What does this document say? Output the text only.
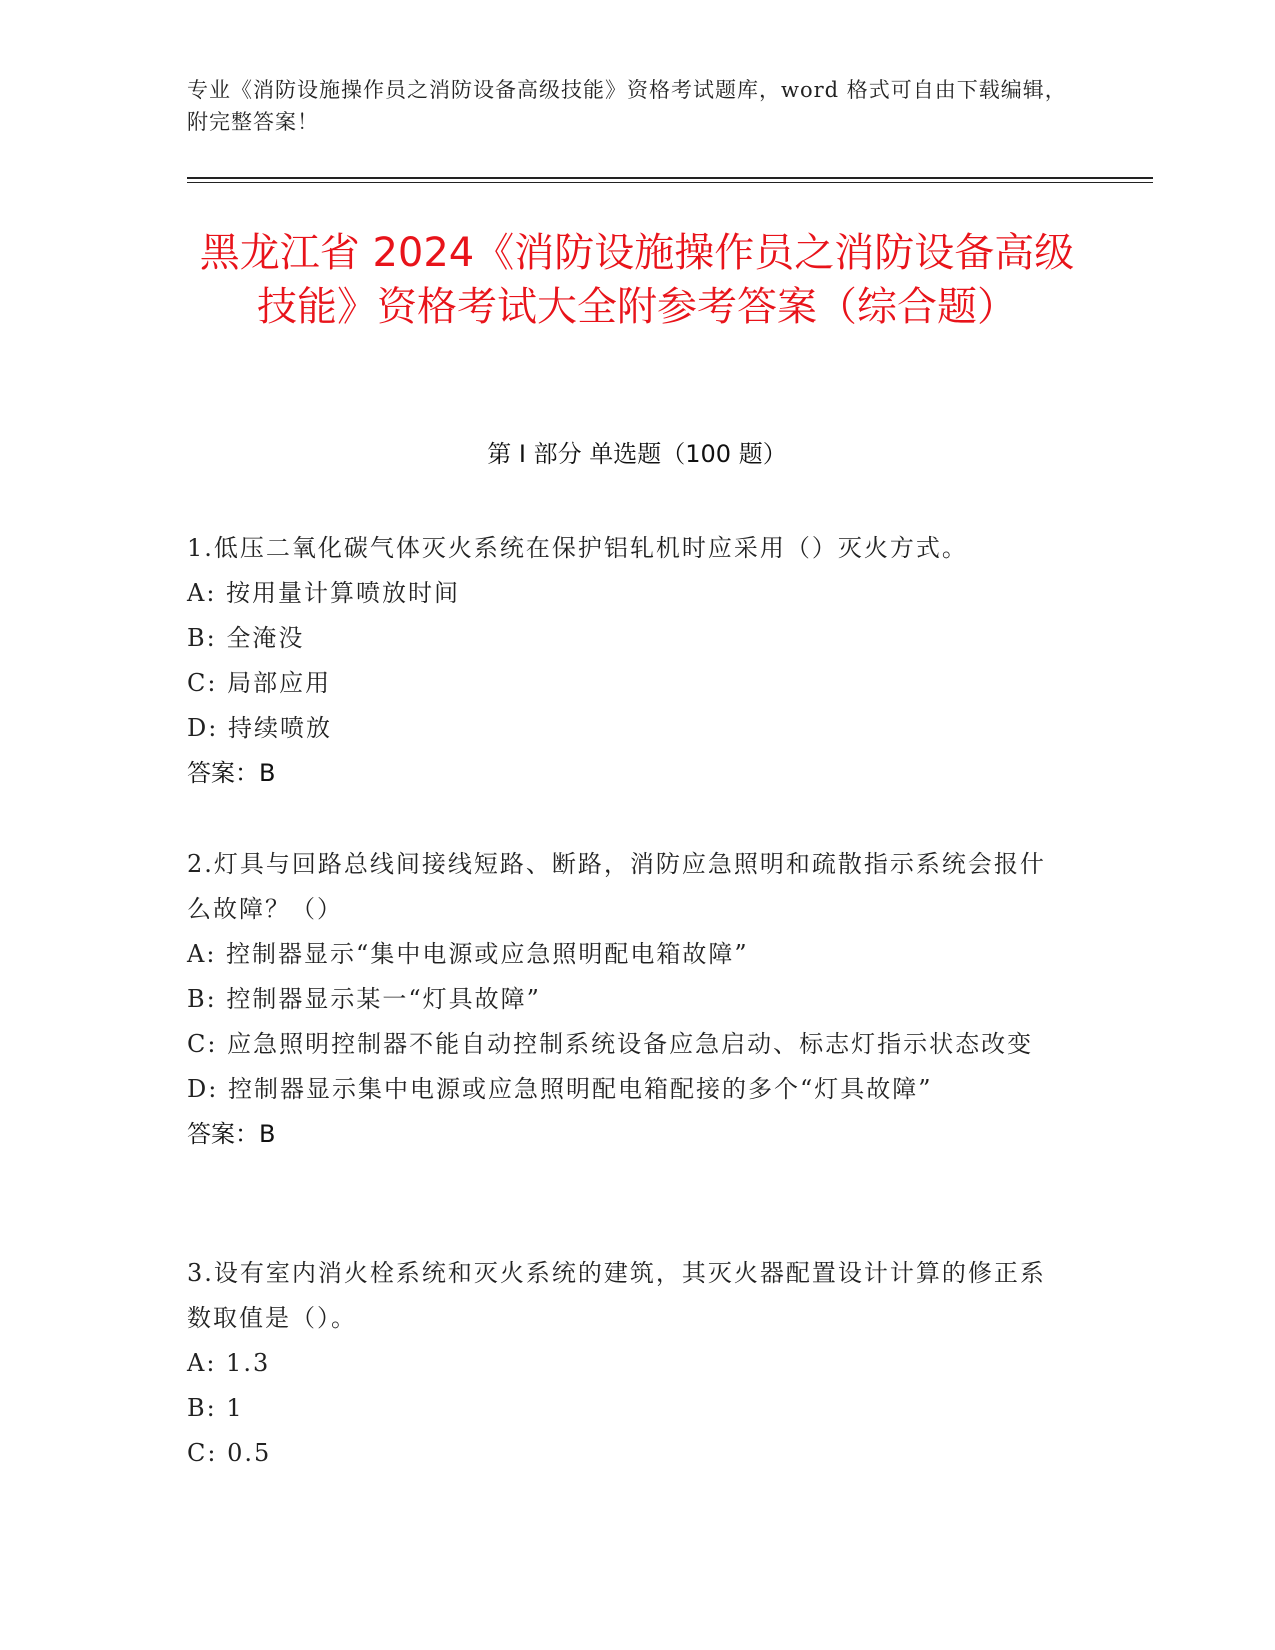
专业《消防设施操作员之消防设备高级技能》资格考试题库，word 格式可自由下载编辑，附完整答案！
黑龙江省 2024《消防设施操作员之消防设备高级技能》资格考试大全附参考答案（综合题）
第 I 部分 单选题（100 题）
1.低压二氧化碳气体灭火系统在保护铝轧机时应采用（）灭火方式。
A: 按用量计算喷放时间
B: 全淹没
C: 局部应用
D: 持续喷放
答案：B
2.灯具与回路总线间接线短路、断路，消防应急照明和疏散指示系统会报什么故障？（）
A: 控制器显示“集中电源或应急照明配电箱故障”
B: 控制器显示某一“灯具故障”
C: 应急照明控制器不能自动控制系统设备应急启动、标志灯指示状态改变
D: 控制器显示集中电源或应急照明配电箱配接的多个“灯具故障”
答案：B
3.设有室内消火栓系统和灭火系统的建筑，其灭火器配置设计计算的修正系数取值是（）。
A: 1.3
B: 1
C: 0.5
